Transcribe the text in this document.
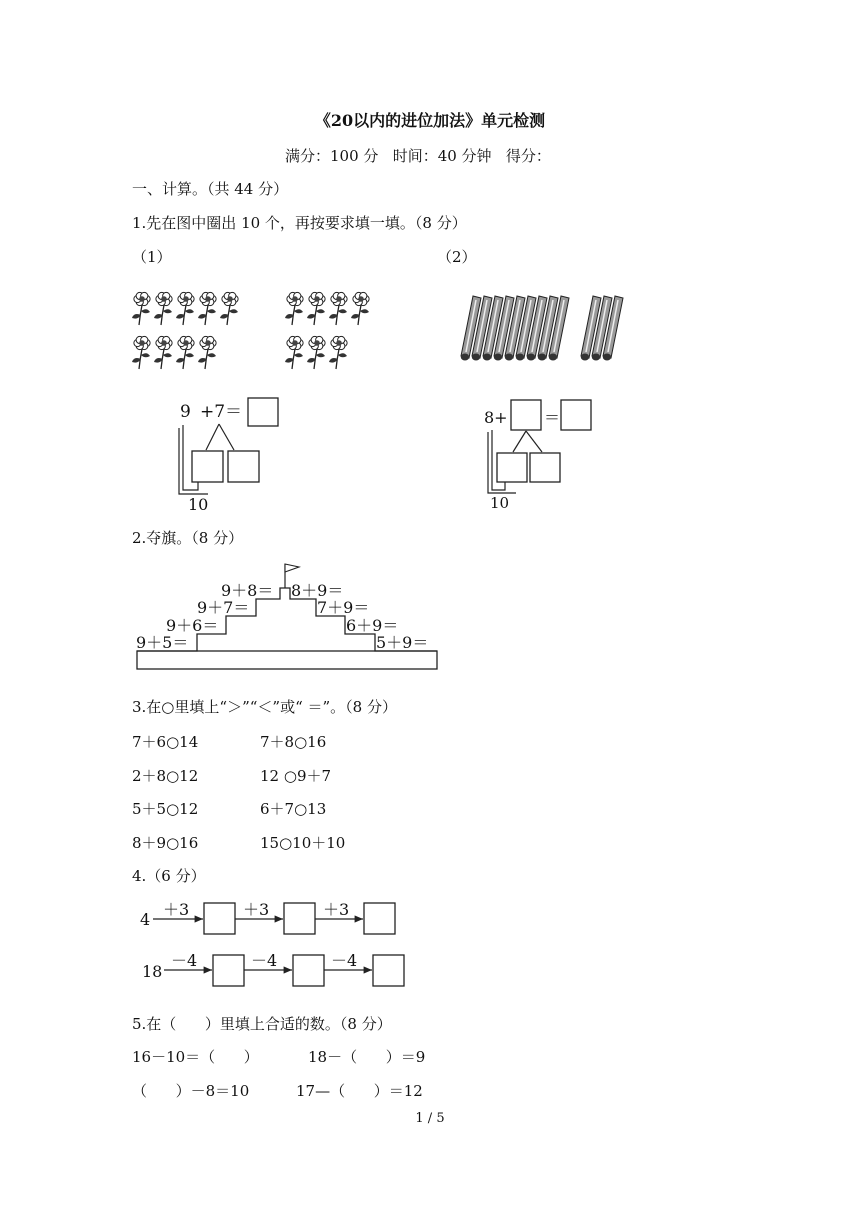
《20以内的进位加法》单元检测
满分：100 分   时间：40 分钟   得分：
一、计算。（共 44 分）
1.先在图中圈出 10 个，再按要求填一填。（8 分）
（1）	（2）
9 +7＝
10
8+ ＝
10
2.夺旗。（8 分）
9＋5＝
9＋6＝
9＋7＝
9＋8＝ 8＋9＝
7＋9＝
6＋9＝
5＋9＝
3.在○里填上“＞”“＜”或“ ＝”。（8 分）
7＋6○14	7＋8○16
2＋8○12	12 ○9＋7
5＋5○12	6＋7○13
8＋9○16	15○10＋10
4.（6 分）
4
＋3	＋3	＋3
18
－4	－4	－4
5.在（      ）里填上合适的数。（8 分）
16－10＝（      ）	18－（      ）＝9
（      ）－8＝10	17—（      ）＝12
1 / 5
